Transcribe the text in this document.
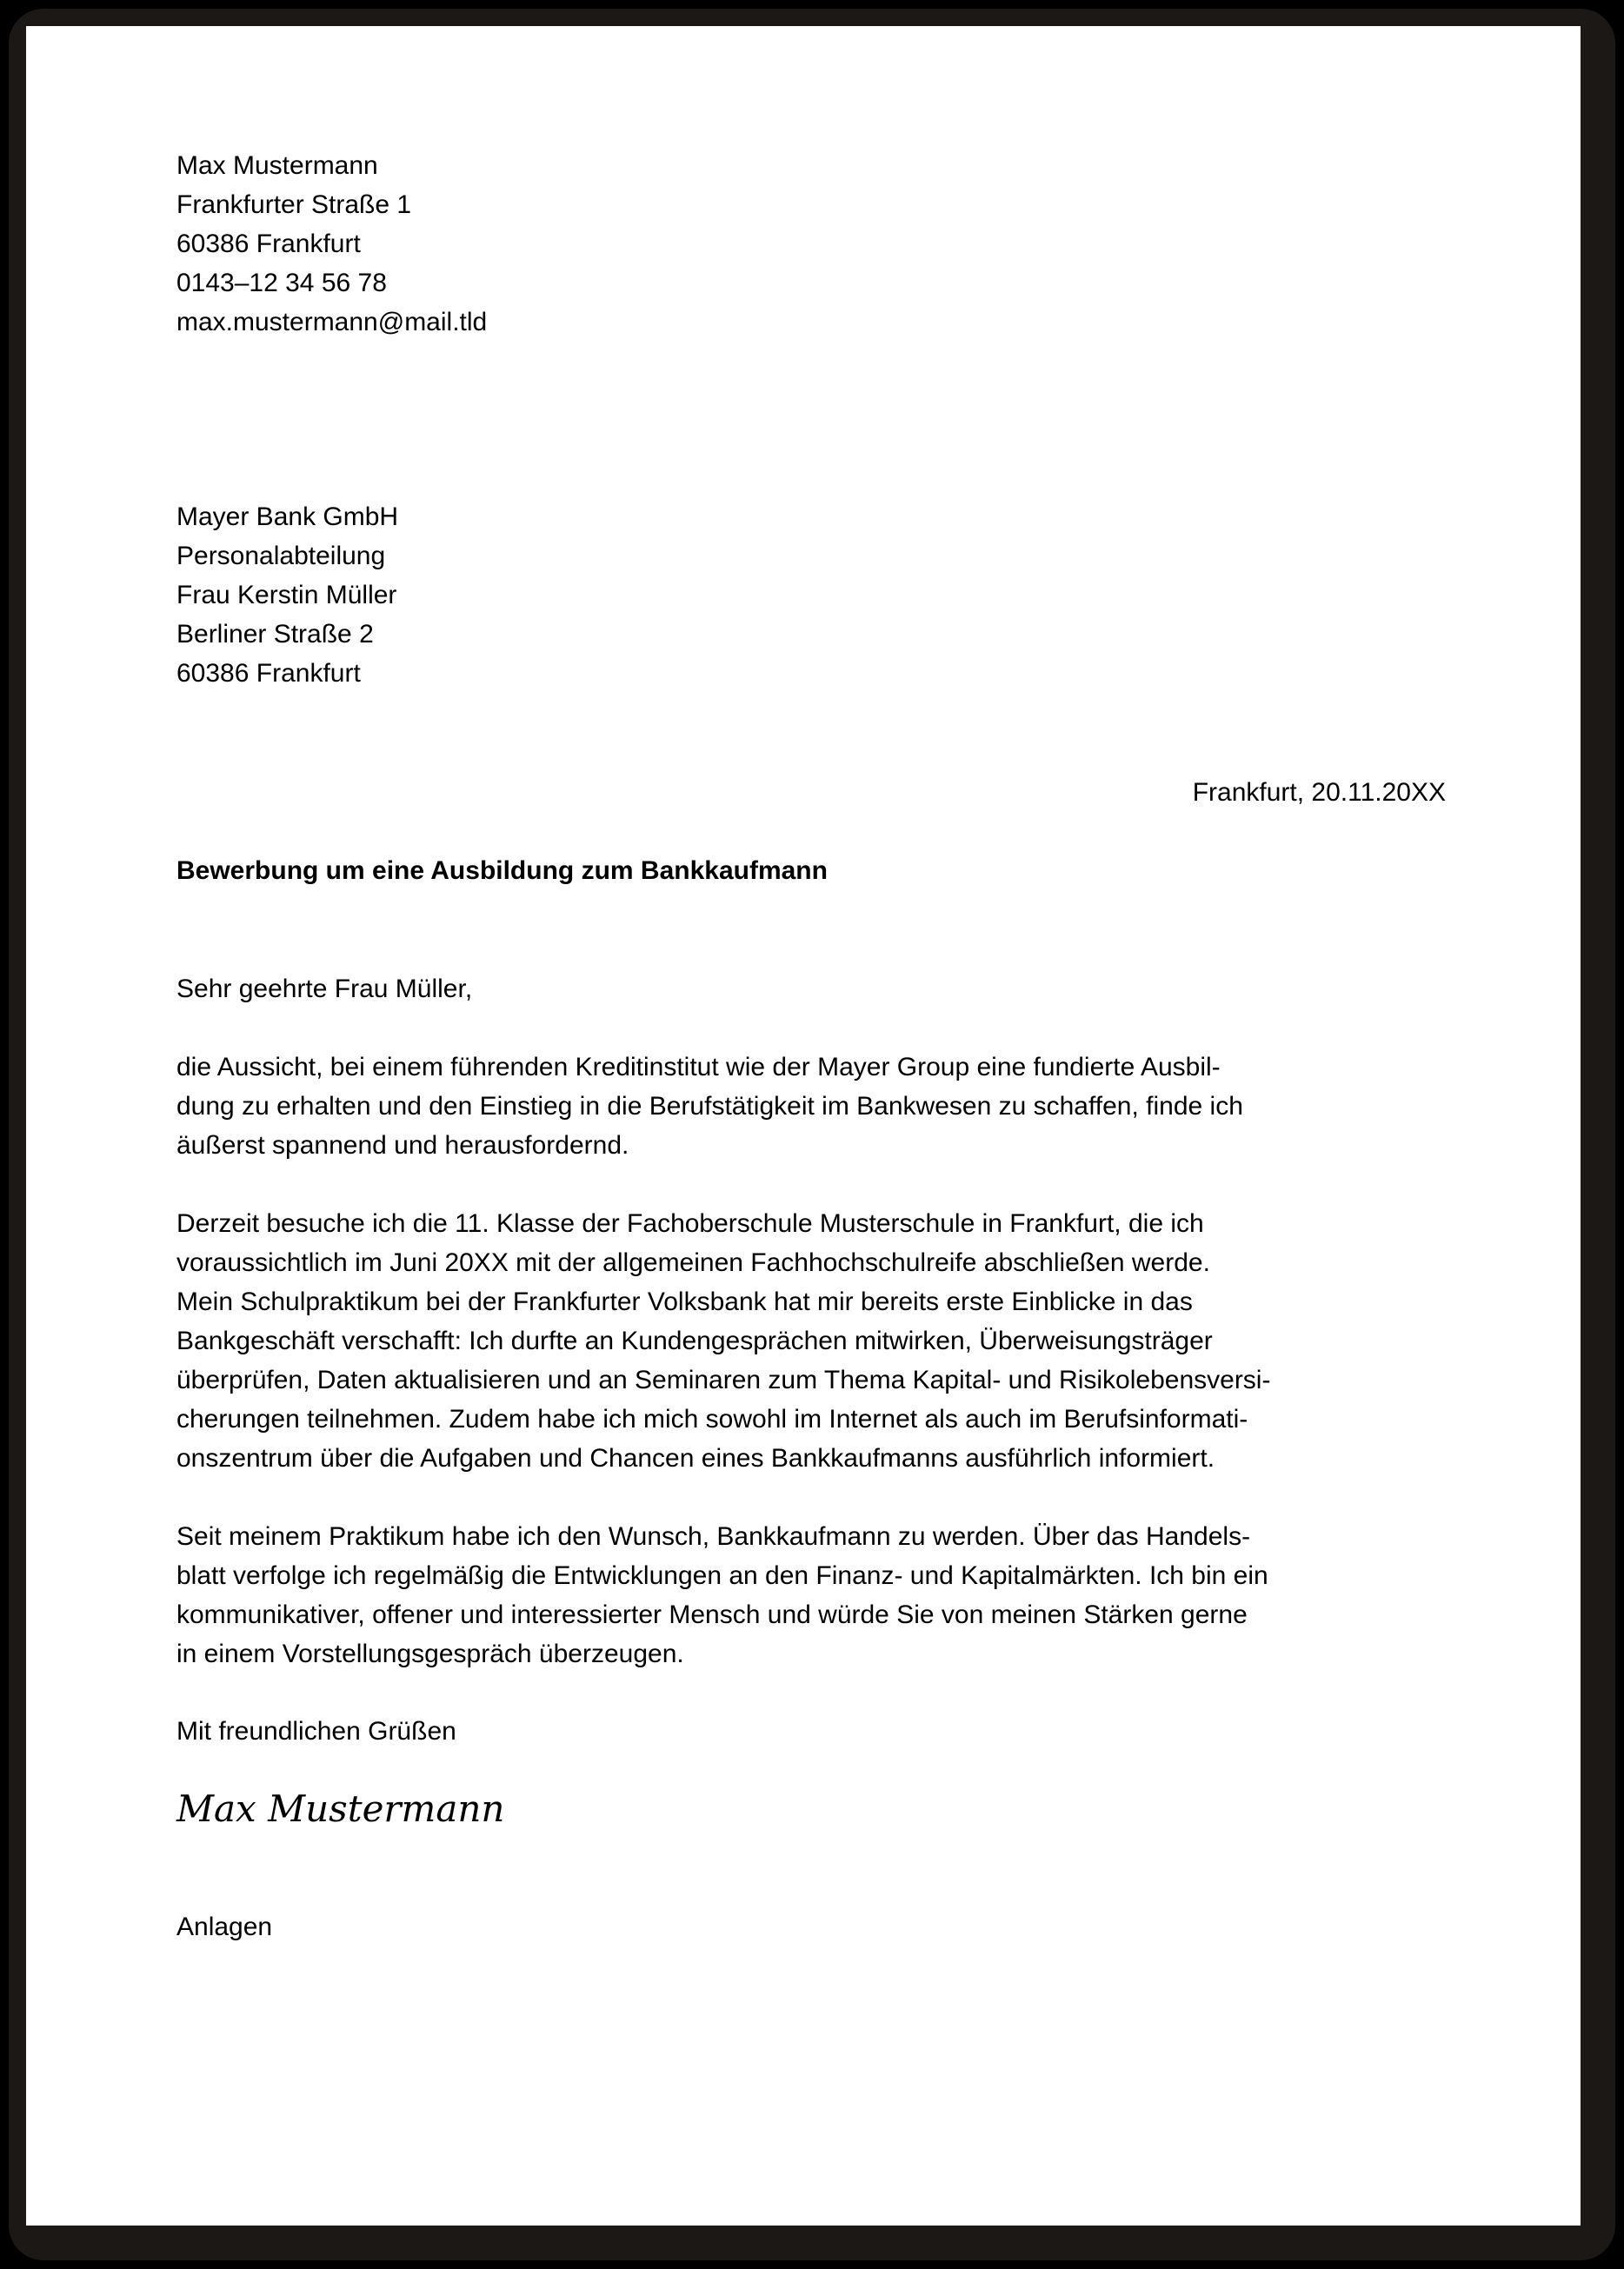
Max Mustermann
Frankfurter Straße 1
60386 Frankfurt
0143–12 34 56 78
max.mustermann@mail.tld
Mayer Bank GmbH
Personalabteilung
Frau Kerstin Müller
Berliner Straße 2
60386 Frankfurt
Frankfurt, 20.11.20XX
Bewerbung um eine Ausbildung zum Bankkaufmann
Sehr geehrte Frau Müller,
die Aussicht, bei einem führenden Kreditinstitut wie der Mayer Group eine fundierte Ausbil-
dung zu erhalten und den Einstieg in die Berufstätigkeit im Bankwesen zu schaffen, finde ich
äußerst spannend und herausfordernd.
Derzeit besuche ich die 11. Klasse der Fachoberschule Musterschule in Frankfurt, die ich
voraussichtlich im Juni 20XX mit der allgemeinen Fachhochschulreife abschließen werde.
Mein Schulpraktikum bei der Frankfurter Volksbank hat mir bereits erste Einblicke in das
Bankgeschäft verschafft: Ich durfte an Kundengesprächen mitwirken, Überweisungsträger
überprüfen, Daten aktualisieren und an Seminaren zum Thema Kapital- und Risikolebensversi-
cherungen teilnehmen. Zudem habe ich mich sowohl im Internet als auch im Berufsinformati-
onszentrum über die Aufgaben und Chancen eines Bankkaufmanns ausführlich informiert.
Seit meinem Praktikum habe ich den Wunsch, Bankkaufmann zu werden. Über das Handels-
blatt verfolge ich regelmäßig die Entwicklungen an den Finanz- und Kapitalmärkten. Ich bin ein
kommunikativer, offener und interessierter Mensch und würde Sie von meinen Stärken gerne
in einem Vorstellungsgespräch überzeugen.
Mit freundlichen Grüßen
Max Mustermann
Anlagen
